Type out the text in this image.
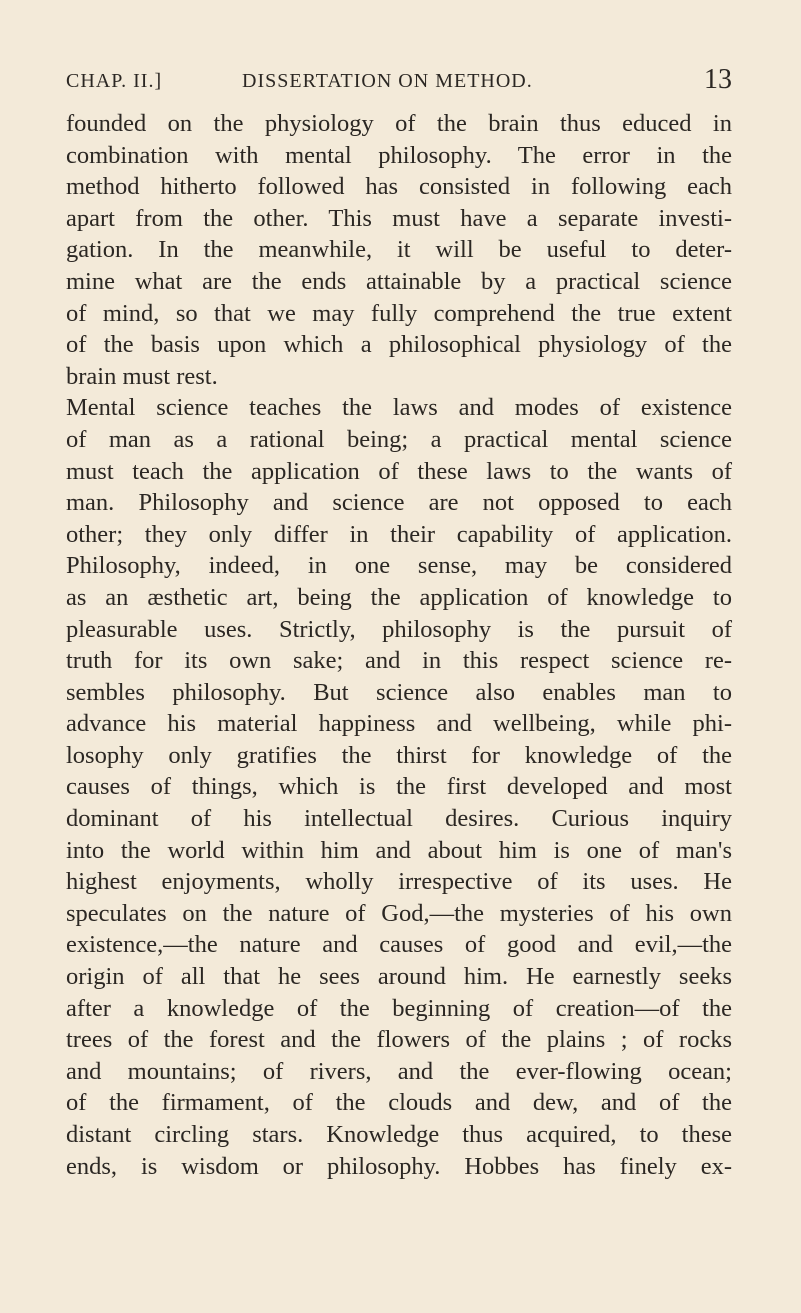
CHAP. II.]	DISSERTATION ON METHOD.	13
founded on the physiology of the brain thus educed in
combination with mental philosophy. The error in the
method hitherto followed has consisted in following each
apart from the other. This must have a separate investi-
gation. In the meanwhile, it will be useful to deter-
mine what are the ends attainable by a practical science
of mind, so that we may fully comprehend the true extent
of the basis upon which a philosophical physiology of the
brain must rest.
Mental science teaches the laws and modes of existence
of man as a rational being; a practical mental science
must teach the application of these laws to the wants of
man. Philosophy and science are not opposed to each
other; they only differ in their capability of application.
Philosophy, indeed, in one sense, may be considered
as an æsthetic art, being the application of knowledge to
pleasurable uses. Strictly, philosophy is the pursuit of
truth for its own sake; and in this respect science re-
sembles philosophy. But science also enables man to
advance his material happiness and wellbeing, while phi-
losophy only gratifies the thirst for knowledge of the
causes of things, which is the first developed and most
dominant of his intellectual desires. Curious inquiry
into the world within him and about him is one of man's
highest enjoyments, wholly irrespective of its uses. He
speculates on the nature of God,—the mysteries of his own
existence,—the nature and causes of good and evil,—the
origin of all that he sees around him. He earnestly seeks
after a knowledge of the beginning of creation—of the
trees of the forest and the flowers of the plains ; of rocks
and mountains; of rivers, and the ever-flowing ocean;
of the firmament, of the clouds and dew, and of the
distant circling stars. Knowledge thus acquired, to these
ends, is wisdom or philosophy. Hobbes has finely ex-
